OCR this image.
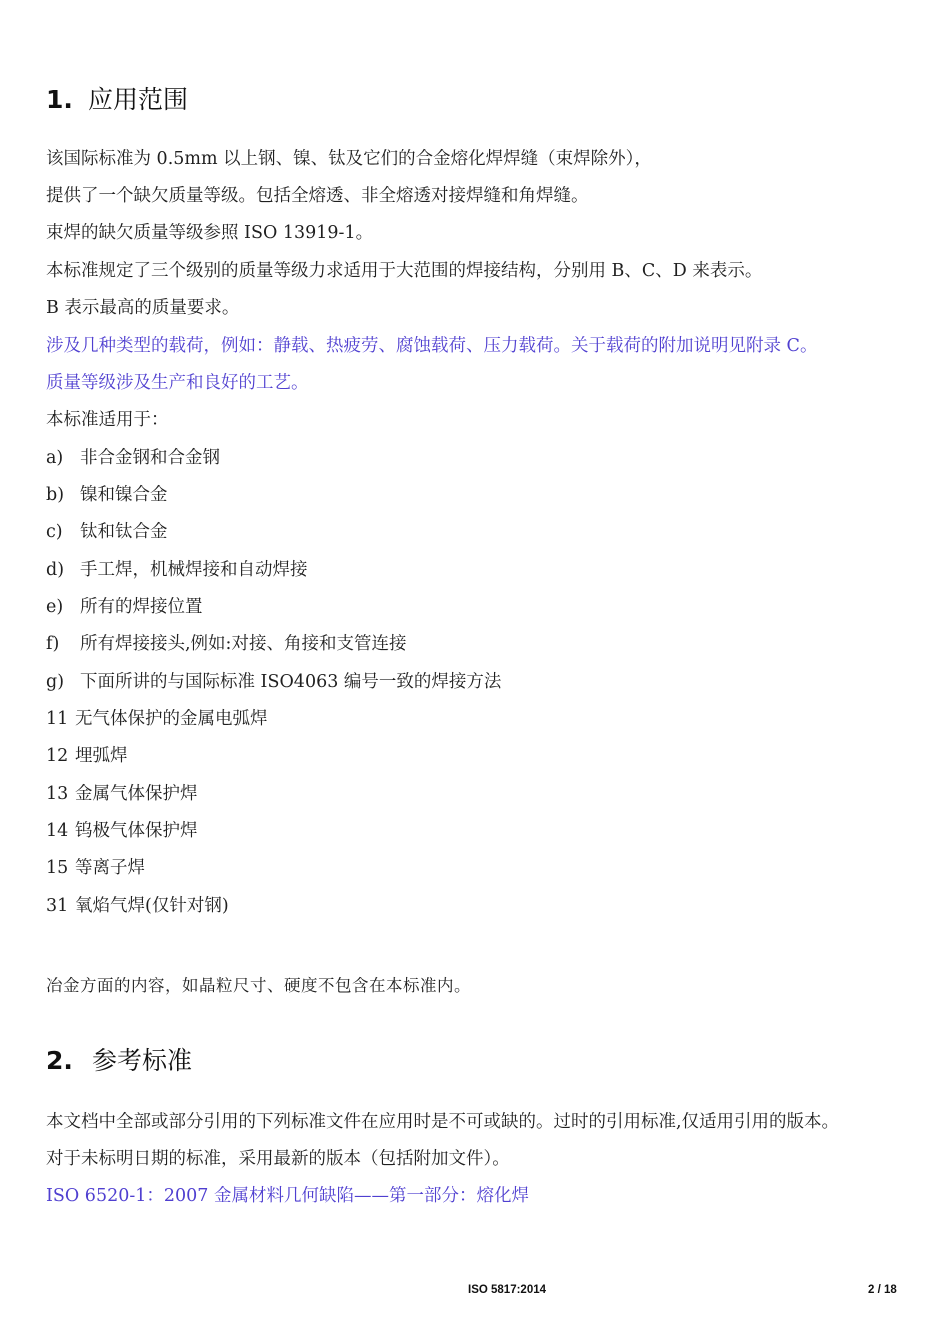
1. 应用范围
该国际标准为 0.5mm 以上钢、镍、钛及它们的合金熔化焊焊缝（束焊除外），
提供了一个缺欠质量等级。包括全熔透、非全熔透对接焊缝和角焊缝。
束焊的缺欠质量等级参照 ISO 13919-1。
本标准规定了三个级别的质量等级力求适用于大范围的焊接结构，分别用 B、C、D 来表示。
B 表示最高的质量要求。
涉及几种类型的载荷，例如：静载、热疲劳、腐蚀载荷、压力载荷。关于载荷的附加说明见附录 C。
质量等级涉及生产和良好的工艺。
本标准适用于：
a) 非合金钢和合金钢
b) 镍和镍合金
c) 钛和钛合金
d) 手工焊，机械焊接和自动焊接
e) 所有的焊接位置
f) 所有焊接接头,例如:对接、角接和支管连接
g) 下面所讲的与国际标准 ISO4063 编号一致的焊接方法
11 无气体保护的金属电弧焊
12 埋弧焊
13 金属气体保护焊
14 钨极气体保护焊
15 等离子焊
31 氧焰气焊(仅针对钢)
冶金方面的内容，如晶粒尺寸、硬度不包含在本标准内。
2. 参考标准
本文档中全部或部分引用的下列标准文件在应用时是不可或缺的。过时的引用标准,仅适用引用的版本。
对于未标明日期的标准，采用最新的版本（包括附加文件）。
ISO 6520-1：2007 金属材料几何缺陷——第一部分：熔化焊
ISO 5817:2014	2 / 18
